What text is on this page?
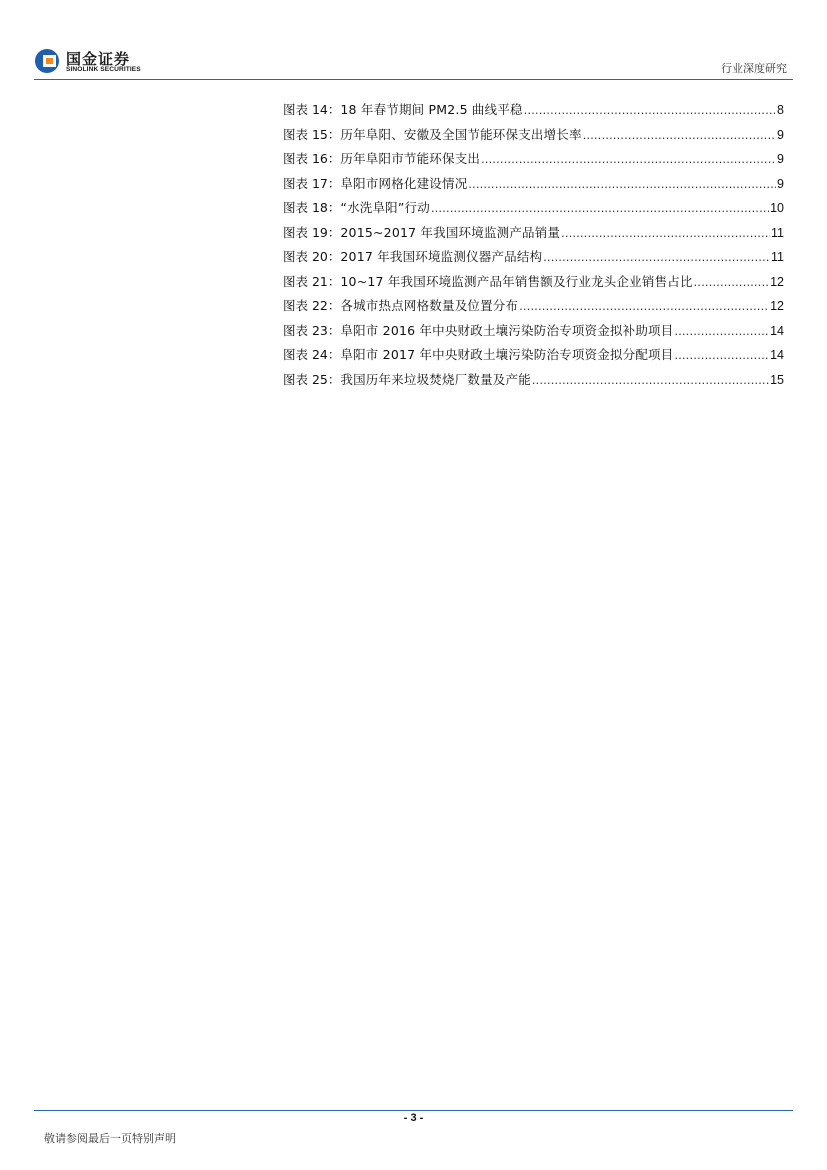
国金证券
SINOLINK SECURITIES	行业深度研究
图表 14： 18 年春节期间 PM2.5 曲线平稳 .....	8
图表 15： 历年阜阳、安徽及全国节能环保支出增长率 .....	9
图表 16： 历年阜阳市节能环保支出 .....	9
图表 17： 阜阳市网格化建设情况 .....	9
图表 18： “水洗阜阳”行动 .....	10
图表 19： 2015~2017 年我国环境监测产品销量 .....	11
图表 20： 2017 年我国环境监测仪器产品结构 .....	11
图表 21： 10~17 年我国环境监测产品年销售额及行业龙头企业销售占比 .....	12
图表 22： 各城市热点网格数量及位置分布 .....	12
图表 23： 阜阳市 2016 年中央财政土壤污染防治专项资金拟补助项目 .....	14
图表 24： 阜阳市 2017 年中央财政土壤污染防治专项资金拟分配项目 .....	14
图表 25： 我国历年来垃圾焚烧厂数量及产能 .....	15
- 3 -
敬请参阅最后一页特别声明
